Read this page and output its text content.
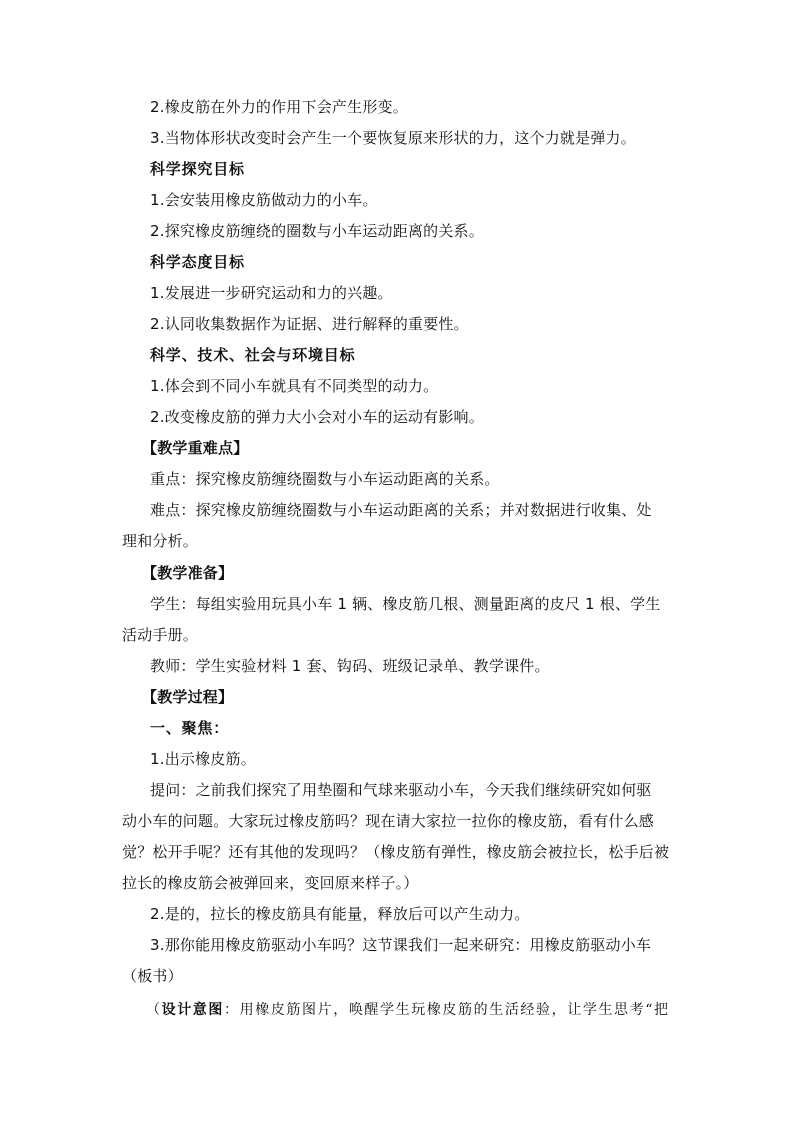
2.橡皮筋在外力的作用下会产生形变。
3.当物体形状改变时会产生一个要恢复原来形状的力，这个力就是弹力。
科学探究目标
1.会安装用橡皮筋做动力的小车。
2.探究橡皮筋缠绕的圈数与小车运动距离的关系。
科学态度目标
1.发展进一步研究运动和力的兴趣。
2.认同收集数据作为证据、进行解释的重要性。
科学、技术、社会与环境目标
1.体会到不同小车就具有不同类型的动力。
2.改变橡皮筋的弹力大小会对小车的运动有影响。
【教学重难点】
重点：探究橡皮筋缠绕圈数与小车运动距离的关系。
难点：探究橡皮筋缠绕圈数与小车运动距离的关系；并对数据进行收集、处
理和分析。
【教学准备】
学生：每组实验用玩具小车 1 辆、橡皮筋几根、测量距离的皮尺 1 根、学生
活动手册。
教师：学生实验材料 1 套、钩码、班级记录单、教学课件。
【教学过程】
一、聚焦：
1.出示橡皮筋。
提问：之前我们探究了用垫圈和气球来驱动小车，今天我们继续研究如何驱
动小车的问题。大家玩过橡皮筋吗？现在请大家拉一拉你的橡皮筋，看有什么感
觉？松开手呢？还有其他的发现吗？（橡皮筋有弹性，橡皮筋会被拉长，松手后被
拉长的橡皮筋会被弹回来，变回原来样子。）
2.是的，拉长的橡皮筋具有能量，释放后可以产生动力。
3.那你能用橡皮筋驱动小车吗？这节课我们一起来研究：用橡皮筋驱动小车
（板书）
（设计意图：用橡皮筋图片，唤醒学生玩橡皮筋的生活经验，让学生思考“把
